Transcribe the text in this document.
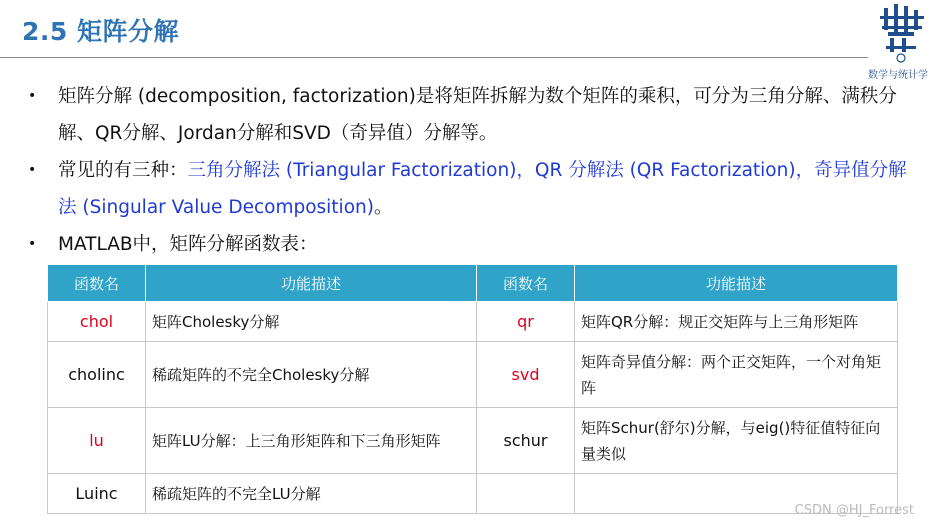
2.5 矩阵分解
数学与统计学
• 矩阵分解 (decomposition, factorization)是将矩阵拆解为数个矩阵的乘积，可分为三角分解、满秩分解、QR分解、Jordan分解和SVD（奇异值）分解等。
• 常见的有三种：三角分解法 (Triangular Factorization)，QR 分解法 (QR Factorization)，奇异值分解法 (Singular Value Decomposition)。
• MATLAB中，矩阵分解函数表：
函数名	功能描述	函数名	功能描述
chol	矩阵Cholesky分解	qr	矩阵QR分解：规正交矩阵与上三角形矩阵
cholinc	稀疏矩阵的不完全Cholesky分解	svd	矩阵奇异值分解：两个正交矩阵，一个对角矩阵
lu	矩阵LU分解：上三角形矩阵和下三角形矩阵	schur	矩阵Schur(舒尔)分解，与eig()特征值特征向量类似
Luinc	稀疏矩阵的不完全LU分解		
CSDN @HJ_Forrest
